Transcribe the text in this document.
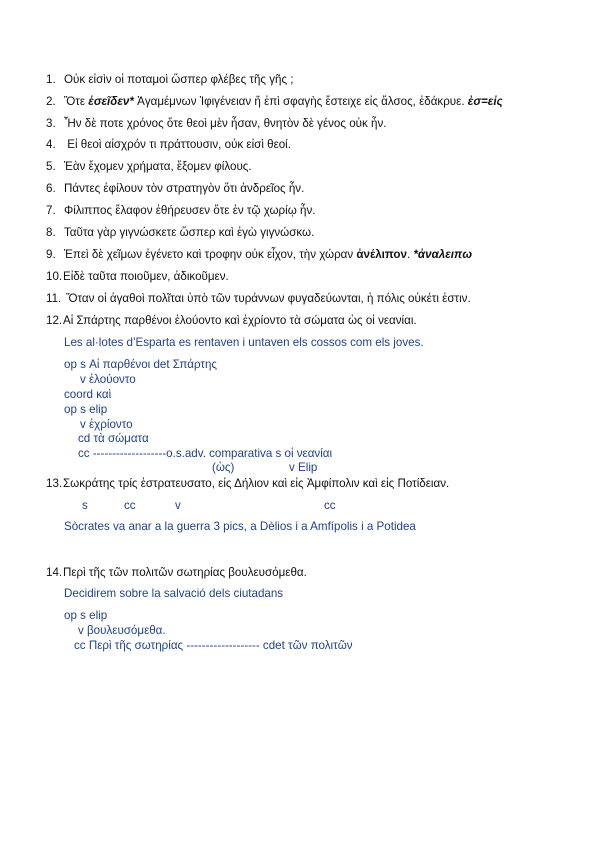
1. Οὐκ εἰσὶν οἱ ποταμοὶ ὥσπερ φλέβες τῆς γῆς ;
2. Ὅτε ἐσεῖδεν* Ἀγαμέμνων Ἰφιγένειαν ἤ ἐπὶ σφαγὴς ἔστειχε εἰς ἄλσος, ἐδάκρυε. ἐσ=εἰς
3. Ἦν δὲ ποτε χρόνος ὅτε θεοὶ μὲν ἦσαν, θνητὸν δὲ γένος οὐκ ἦν.
4. Εἰ θεοὶ αἰσχρόν τι πράττουσιν, οὐκ εἰσὶ θεοί.
5. Ἐὰν ἔχομεν χρήματα, ἔξομεν φίλους.
6. Πάντες ἐφίλουν τὸν στρατηγὸν ὅτι ἀνδρεῖος ἦν.
7. Φίλιππος ἔλαφον ἐθήρευσεν ὅτε ἐν τῷ χωρίῳ ἦν.
8. Ταῦτα γὰρ γιγνώσκετε ὥσπερ καὶ ἐγὼ γιγνώσκω.
9. Ἐπεὶ δὲ χεῖμων ἐγένετο καὶ τροφην οὐκ εἶχον, τὴν χώραν ἀνέλιπον. *ἀναλειπω
10.Εἰδὲ ταῦτα ποιοῦμεν, ἀδικοῦμεν.
11. Ὅταν οἱ ἀγαθοὶ πολῖται ὑπὸ τῶν τυράννων φυγαδεύωνται, ἡ πόλις οὐκέτι ἐστιν.
12.Αἱ Σπάρτης παρθένοι ἐλούοντο καὶ ἐχρίοντο τὰ σώματα ὡς οἱ νεανίαι.
Les al·lotes d’Esparta es rentaven i untaven els cossos com els joves.
op s Αἱ παρθένοι det Σπάρτης
v ἐλούοντο
coord καὶ
op s elip
v ἐχρίοντο
cd τὰ σώματα
cc -------------------o.s.adv. comparativa s οἱ νεανίαι
(ὡς)	v Elip
13.Σωκράτης τρίς ἐστρατευσατο, εἰς Δήλιον καὶ εἰς Ἀμφίπολιν καὶ εἰς Ποτίδειαν.
s	cc	v	cc
Sòcrates va anar a la guerra 3 pics, a Dèlios i a Amfípolis i a Potidea
14.Περὶ τῆς τῶν πολιτῶν σωτηρίας βουλευσόμεθα.
Decidirem sobre la salvació dels ciutadans
op s elip
v βουλευσόμεθα.
cc Περὶ τῆς σωτηρίας ------------------- cdet τῶν πολιτῶν
